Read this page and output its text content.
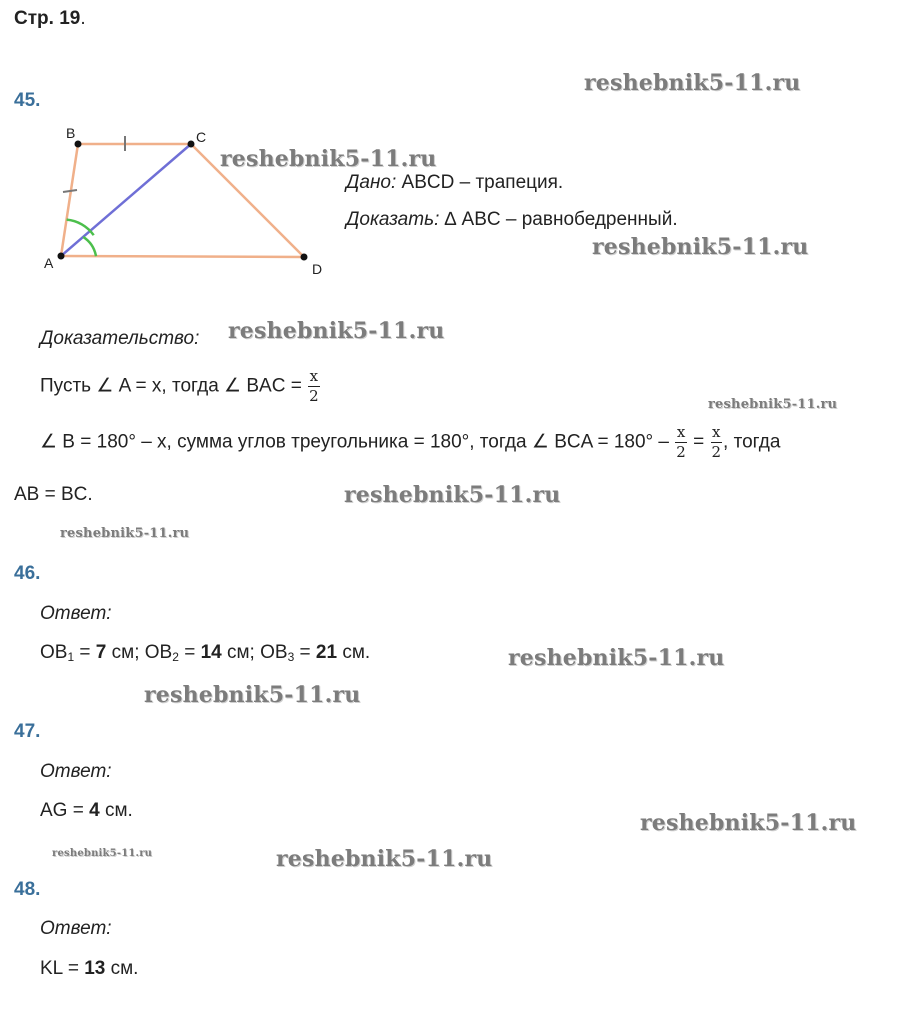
Стр. 19.
reshebnik5-11.ru
reshebnik5-11.ru
reshebnik5-11.ru
reshebnik5-11.ru
reshebnik5-11.ru
reshebnik5-11.ru
reshebnik5-11.ru
reshebnik5-11.ru
reshebnik5-11.ru
reshebnik5-11.ru
reshebnik5-11.ru	reshebnik5-11.ru
45.
B	C
A	D
Дано: ABCD – трапеция.
Доказать: ∆ ABC – равнобедренный.
Доказательство:
Пусть ∠ A = x, тогда ∠ BAC = $\frac{x}{2}$
∠ B = 180° – x, сумма углов треугольника = 180°, тогда ∠ BCA = $180^\circ - \frac{x}{2} = \frac{x}{2}$ , тогда
AB = BC.
46.
Ответ:
$OB_1 = 7$ см; $OB_2 = 14$ см; $OB_3 = 21$ см.
47.
Ответ:
AG = 4 см.
48.
Ответ:
KL = 13 см.
